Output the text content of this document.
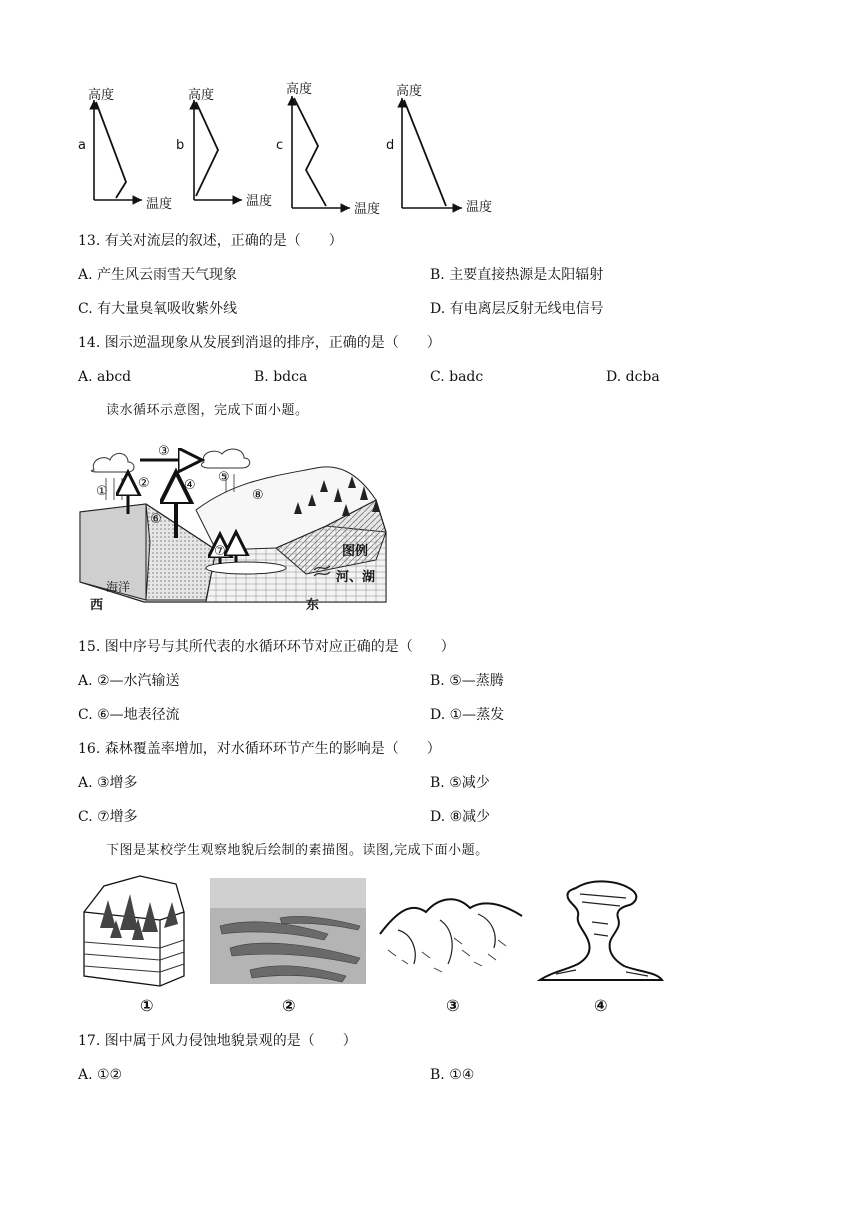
高度
温度
a
高度
温度
b
高度
温度
c
高度
温度
d
13. 有关对流层的叙述，正确的是（　　）
A. 产生风云雨雪天气现象	B. 主要直接热源是太阳辐射
C. 有大量臭氧吸收紫外线	D. 有电离层反射无线电信号
14. 图示逆温现象从发展到消退的排序，正确的是（　　）
A. abcd	B. bdca	C. badc	D. dcba
读水循环示意图，完成下面小题。
①
②
③
④
⑤
⑥
⑦
⑧
海洋
西	东
图例
河、湖
15. 图中序号与其所代表的水循环环节对应正确的是（　　）
A. ②—水汽输送	B. ⑤—蒸腾
C. ⑥—地表径流	D. ①—蒸发
16. 森林覆盖率增加，对水循环环节产生的影响是（　　）
A. ③增多	B. ⑤减少
C. ⑦增多	D. ⑧减少
下图是某校学生观察地貌后绘制的素描图。读图,完成下面小题。
①	②	③	④
17. 图中属于风力侵蚀地貌景观的是（　　）
A. ①②	B. ①④
